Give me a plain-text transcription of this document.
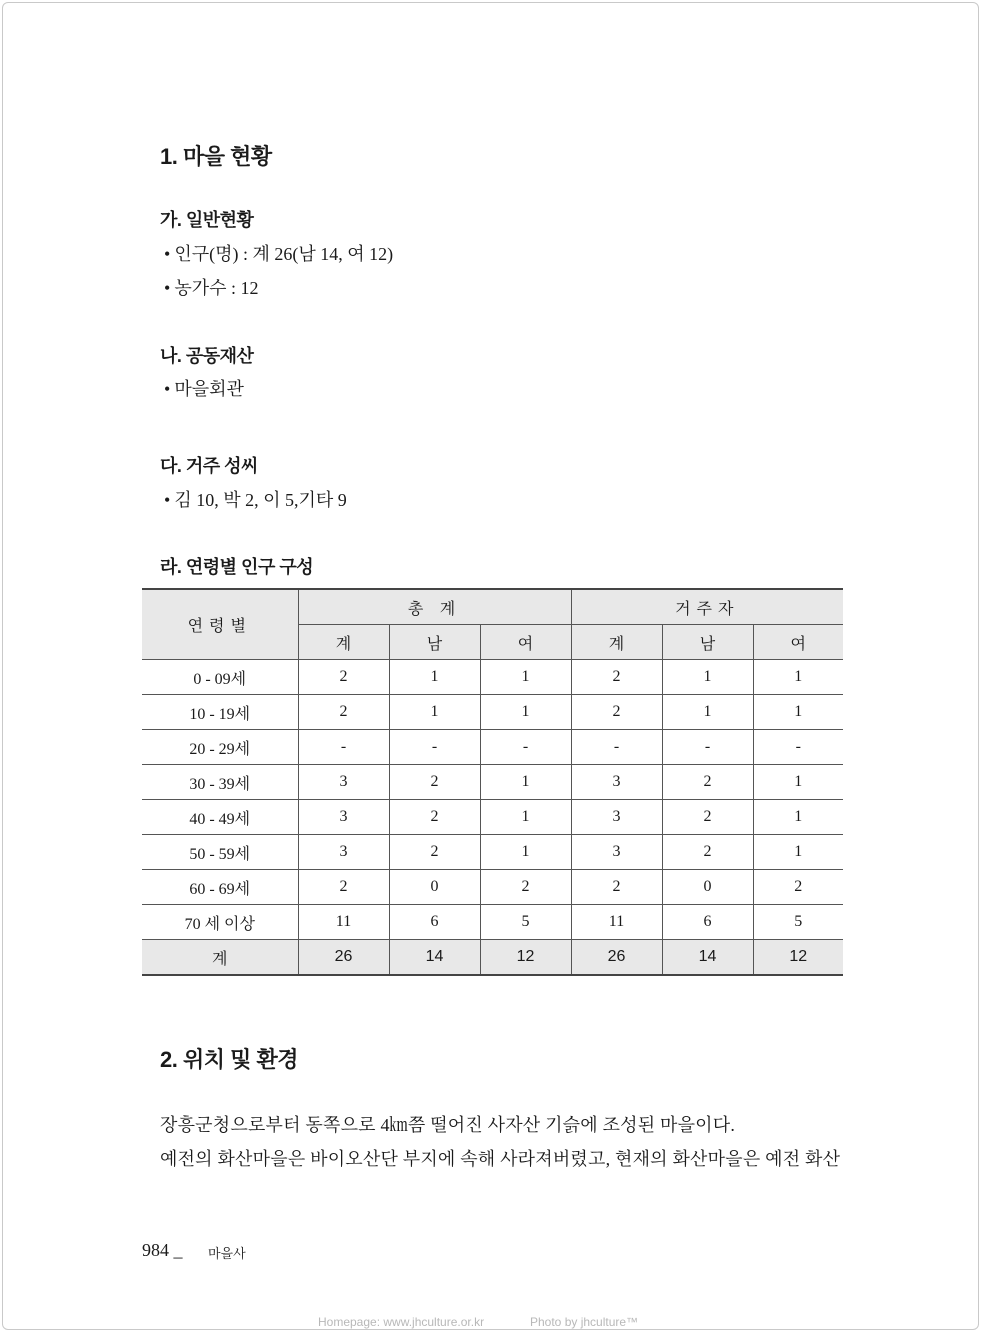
1. 마을 현황
가. 일반현황
• 인구(명) : 계 26(남 14, 여 12)
• 농가수 : 12
나. 공동재산
• 마을회관
다. 거주 성씨
• 김 10, 박 2, 이 5,기타 9
라. 연령별 인구 구성
연령별	총 계			거주자		
	계	남	여	계	남	여
0 - 09세	2	1	1	2	1	1
10 - 19세	2	1	1	2	1	1
20 - 29세	-	-	-	-	-	-
30 - 39세	3	2	1	3	2	1
40 - 49세	3	2	1	3	2	1
50 - 59세	3	2	1	3	2	1
60 - 69세	2	0	2	2	0	2
70 세 이상	11	6	5	11	6	5
계	26	14	12	26	14	12
2. 위치 및 환경
장흥군청으로부터 동쪽으로 4㎞쯤 떨어진 사자산 기슭에 조성된 마을이다.
예전의 화산마을은 바이오산단 부지에 속해 사라져버렸고, 현재의 화산마을은 예전 화산
984 _ 마을사
Homepage: www.jhculture.or.kr	Photo by jhculture™
